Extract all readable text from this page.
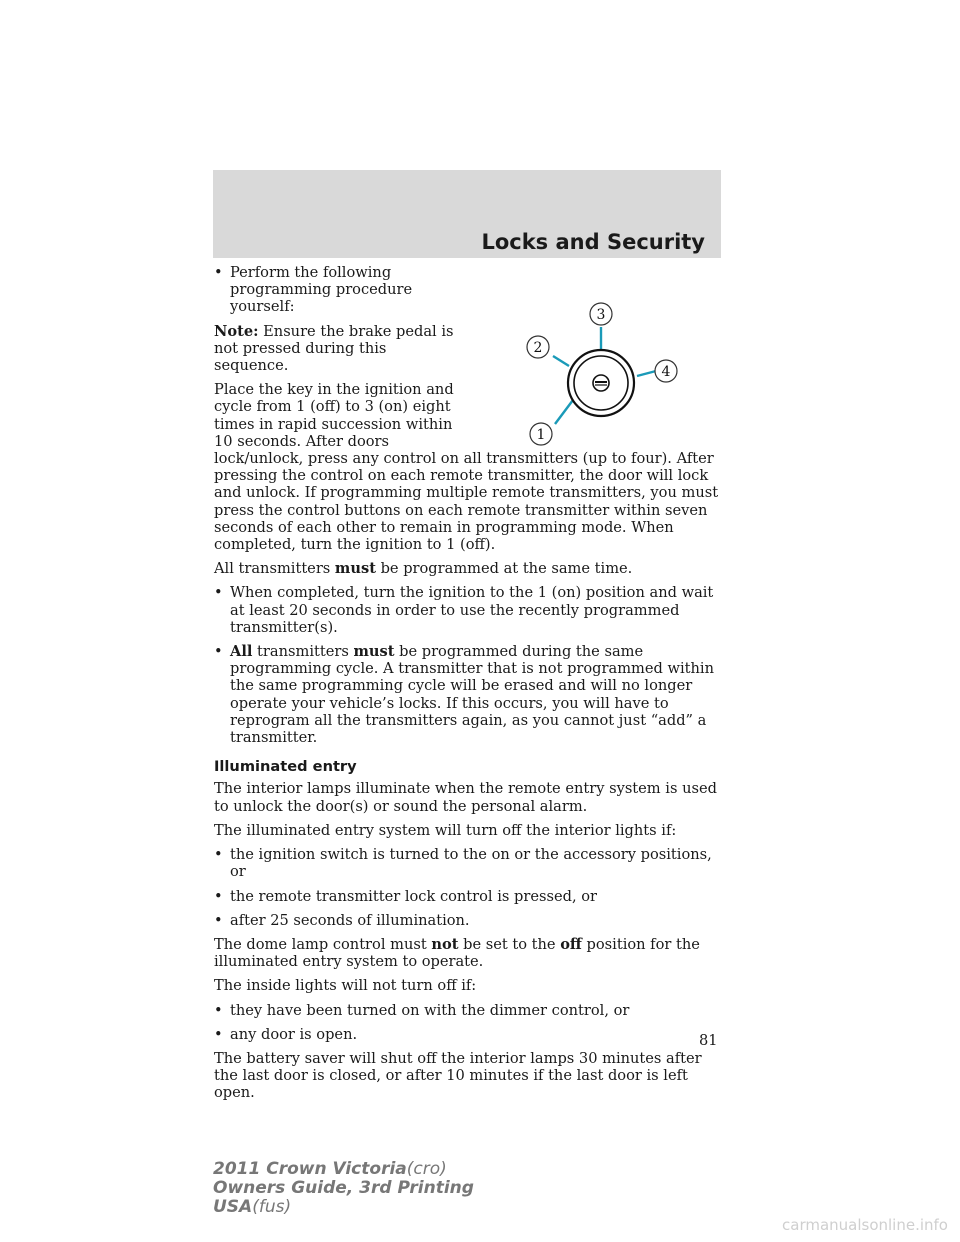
Locks and Security
1
2
3
4
• Perform the following programming procedure yourself:

Note: Ensure the brake pedal is not pressed during this sequence.

Place the key in the ignition and cycle from 1 (off) to 3 (on) eight times in rapid succession within 10 seconds. After doors lock/unlock, press any control on all transmitters (up to four). After pressing the control on each remote transmitter, the door will lock and unlock. If programming multiple remote transmitters, you must press the control buttons on each remote transmitter within seven seconds of each other to remain in programming mode. When completed, turn the ignition to 1 (off).

All transmitters must be programmed at the same time.

• When completed, turn the ignition to the 1 (on) position and wait at least 20 seconds in order to use the recently programmed transmitter(s).
• All transmitters must be programmed during the same programming cycle. A transmitter that is not programmed within the same programming cycle will be erased and will no longer operate your vehicle’s locks. If this occurs, you will have to reprogram all the transmitters again, as you cannot just “add” a transmitter.
Illuminated entry

The interior lamps illuminate when the remote entry system is used to unlock the door(s) or sound the personal alarm.

The illuminated entry system will turn off the interior lights if:

• the ignition switch is turned to the on or the accessory positions, or
• the remote transmitter lock control is pressed, or
• after 25 seconds of illumination.

The dome lamp control must not be set to the off position for the illuminated entry system to operate.

The inside lights will not turn off if:

• they have been turned on with the dimmer control, or
• any door is open.

The battery saver will shut off the interior lamps 30 minutes after the last door is closed, or after 10 minutes if the last door is left open.

81
2011 Crown Victoria(cro)
Owners Guide, 3rd Printing
USA(fus)
carmanualsonline.info
